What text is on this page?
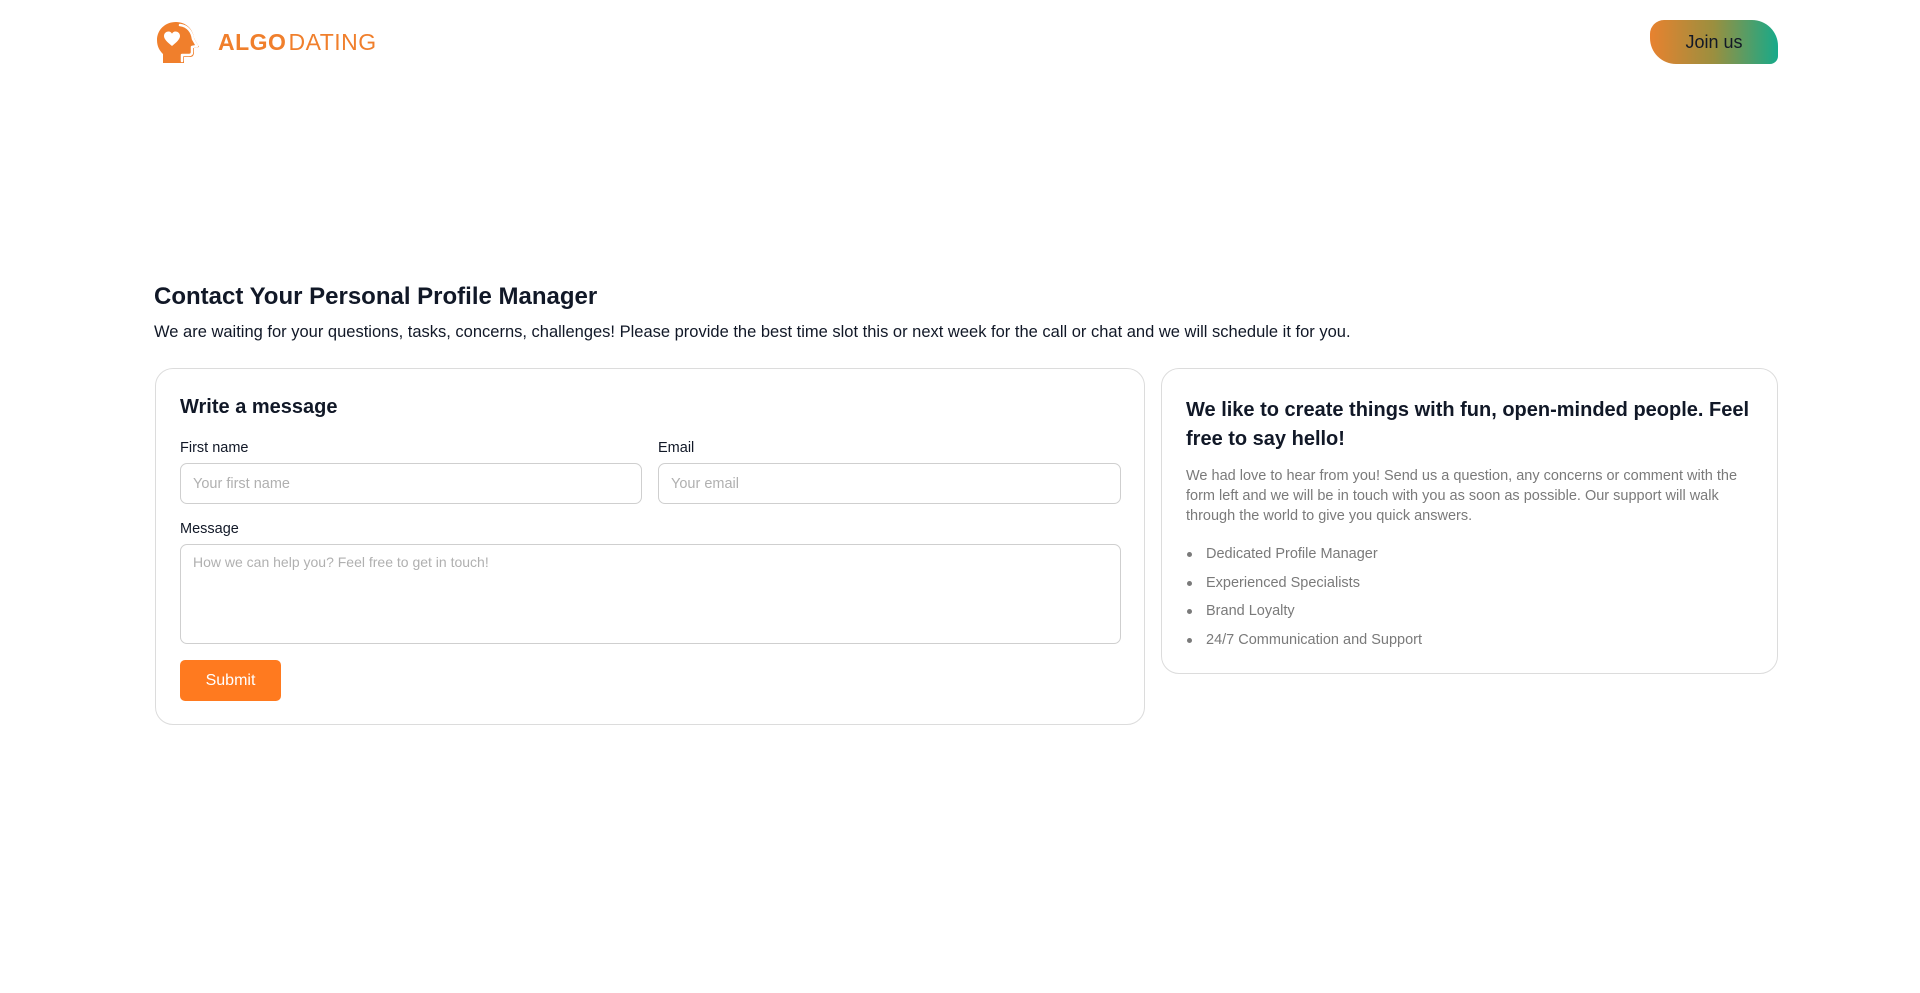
ALGODATING	Join us
Contact Your Personal Profile Manager

We are waiting for your questions, tasks, concerns, challenges! Please provide the best time slot this or next week for the call or chat and we will schedule it for you.

Write a message
First name
Your first name	Email
Your email
Message
How we can help you? Feel free to get in touch!
Submit
We like to create things with fun, open-minded people. Feel free to say hello!

We had love to hear from you! Send us a question, any concerns or comment with the form left and we will be in touch with you as soon as possible. Our support will walk through the world to give you quick answers.

Dedicated Profile Manager
Experienced Specialists
Brand Loyalty
24/7 Communication and Support
